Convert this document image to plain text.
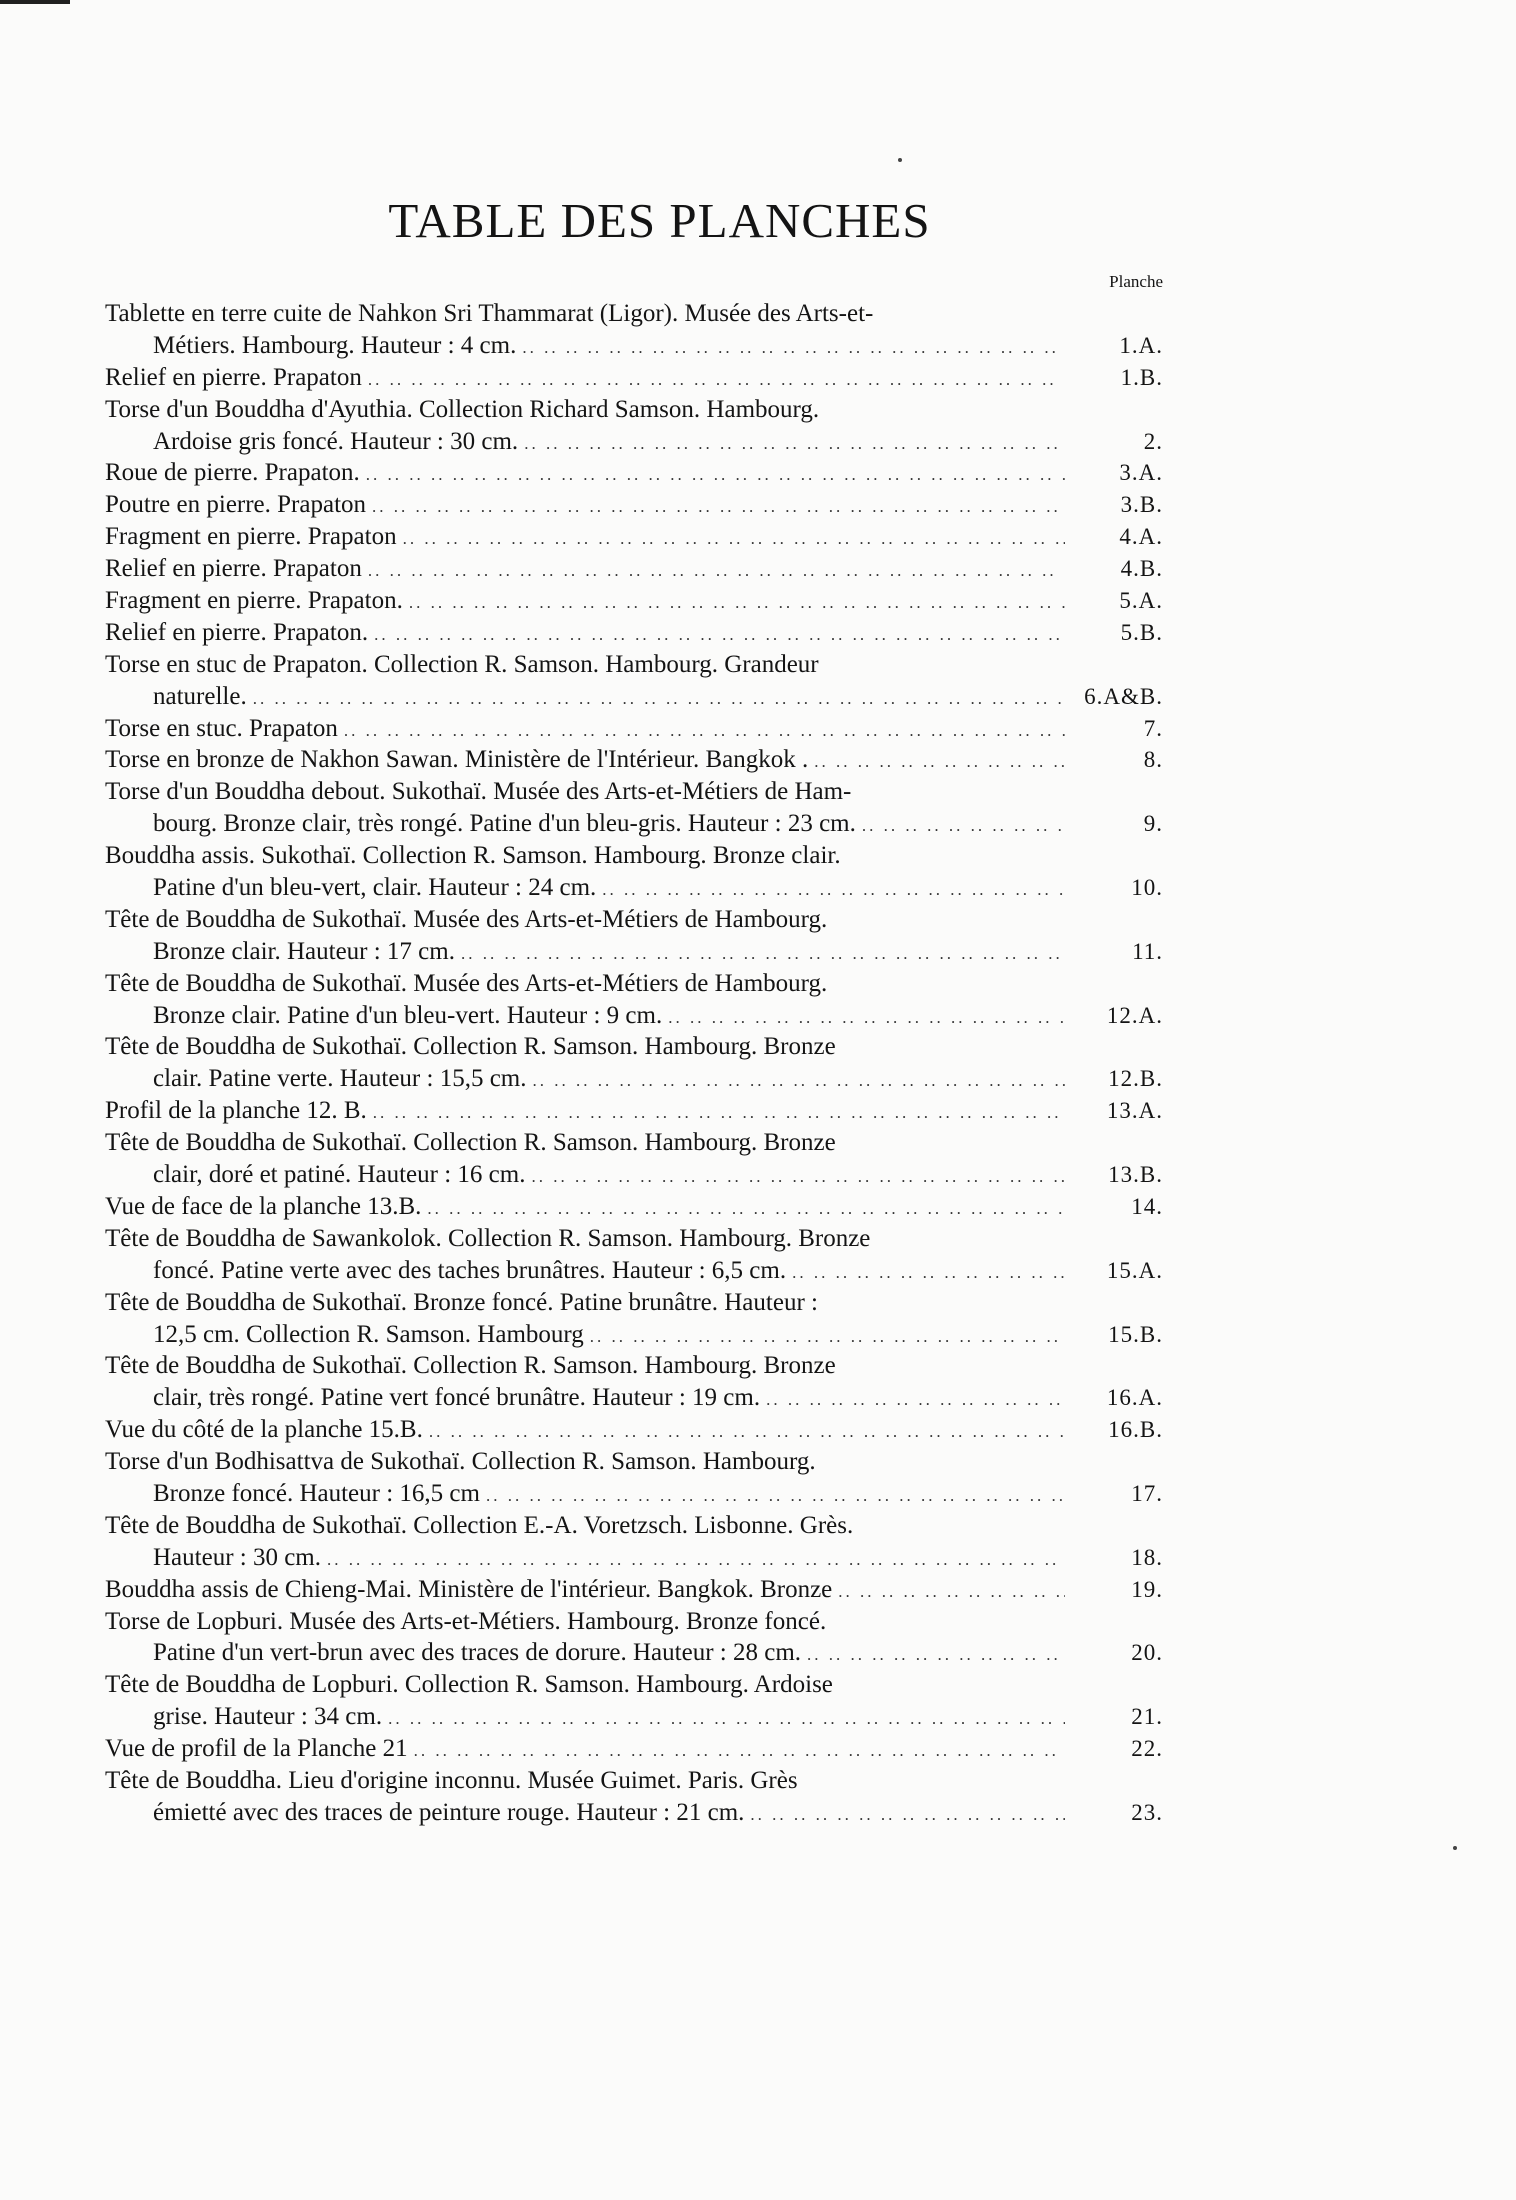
TABLE DES PLANCHES
Planche
Tablette en terre cuite de Nahkon Sri Thammarat (Ligor). Musée des Arts-et-
Métiers. Hambourg. Hauteur : 4 cm. .. ..	1.A.
Relief en pierre. Prapaton .. ..	1.B.
Torse d'un Bouddha d'Ayuthia. Collection Richard Samson. Hambourg.
Ardoise gris foncé. Hauteur : 30 cm. .. ..	2.
Roue de pierre. Prapaton. .. ..	3.A.
Poutre en pierre. Prapaton .. ..	3.B.
Fragment en pierre. Prapaton .. ..	4.A.
Relief en pierre. Prapaton .. ..	4.B.
Fragment en pierre. Prapaton. .. ..	5.A.
Relief en pierre. Prapaton. .. ..	5.B.
Torse en stuc de Prapaton. Collection R. Samson. Hambourg. Grandeur
naturelle. .. ..	6.A&B.
Torse en stuc. Prapaton .. ..	7.
Torse en bronze de Nakhon Sawan. Ministère de l'Intérieur. Bangkok . .. ..	8.
Torse d'un Bouddha debout. Sukothaï. Musée des Arts-et-Métiers de Ham-
bourg. Bronze clair, très rongé. Patine d'un bleu-gris. Hauteur : 23 cm. .. ..	9.
Bouddha assis. Sukothaï. Collection R. Samson. Hambourg. Bronze clair.
Patine d'un bleu-vert, clair. Hauteur : 24 cm. .. ..	10.
Tête de Bouddha de Sukothaï. Musée des Arts-et-Métiers de Hambourg.
Bronze clair. Hauteur : 17 cm. .. ..	11.
Tête de Bouddha de Sukothaï. Musée des Arts-et-Métiers de Hambourg.
Bronze clair. Patine d'un bleu-vert. Hauteur : 9 cm. .. ..	12.A.
Tête de Bouddha de Sukothaï. Collection R. Samson. Hambourg. Bronze
clair. Patine verte. Hauteur : 15,5 cm. .. ..	12.B.
Profil de la planche 12. B. .. ..	13.A.
Tête de Bouddha de Sukothaï. Collection R. Samson. Hambourg. Bronze
clair, doré et patiné. Hauteur : 16 cm. .. ..	13.B.
Vue de face de la planche 13.B. .. ..	14.
Tête de Bouddha de Sawankolok. Collection R. Samson. Hambourg. Bronze
foncé. Patine verte avec des taches brunâtres. Hauteur : 6,5 cm. .. ..	15.A.
Tête de Bouddha de Sukothaï. Bronze foncé. Patine brunâtre. Hauteur :
12,5 cm. Collection R. Samson. Hambourg .. ..	15.B.
Tête de Bouddha de Sukothaï. Collection R. Samson. Hambourg. Bronze
clair, très rongé. Patine vert foncé brunâtre. Hauteur : 19 cm. .. ..	16.A.
Vue du côté de la planche 15.B. .. ..	16.B.
Torse d'un Bodhisattva de Sukothaï. Collection R. Samson. Hambourg.
Bronze foncé. Hauteur : 16,5 cm .. ..	17.
Tête de Bouddha de Sukothaï. Collection E.-A. Voretzsch. Lisbonne. Grès.
Hauteur : 30 cm. .. ..	18.
Bouddha assis de Chieng-Mai. Ministère de l'intérieur. Bangkok. Bronze .. ..	19.
Torse de Lopburi. Musée des Arts-et-Métiers. Hambourg. Bronze foncé.
Patine d'un vert-brun avec des traces de dorure. Hauteur : 28 cm. .. ..	20.
Tête de Bouddha de Lopburi. Collection R. Samson. Hambourg. Ardoise
grise. Hauteur : 34 cm. .. ..	21.
Vue de profil de la Planche 21 .. ..	22.
Tête de Bouddha. Lieu d'origine inconnu. Musée Guimet. Paris. Grès
émietté avec des traces de peinture rouge. Hauteur : 21 cm. .. ..	23.
